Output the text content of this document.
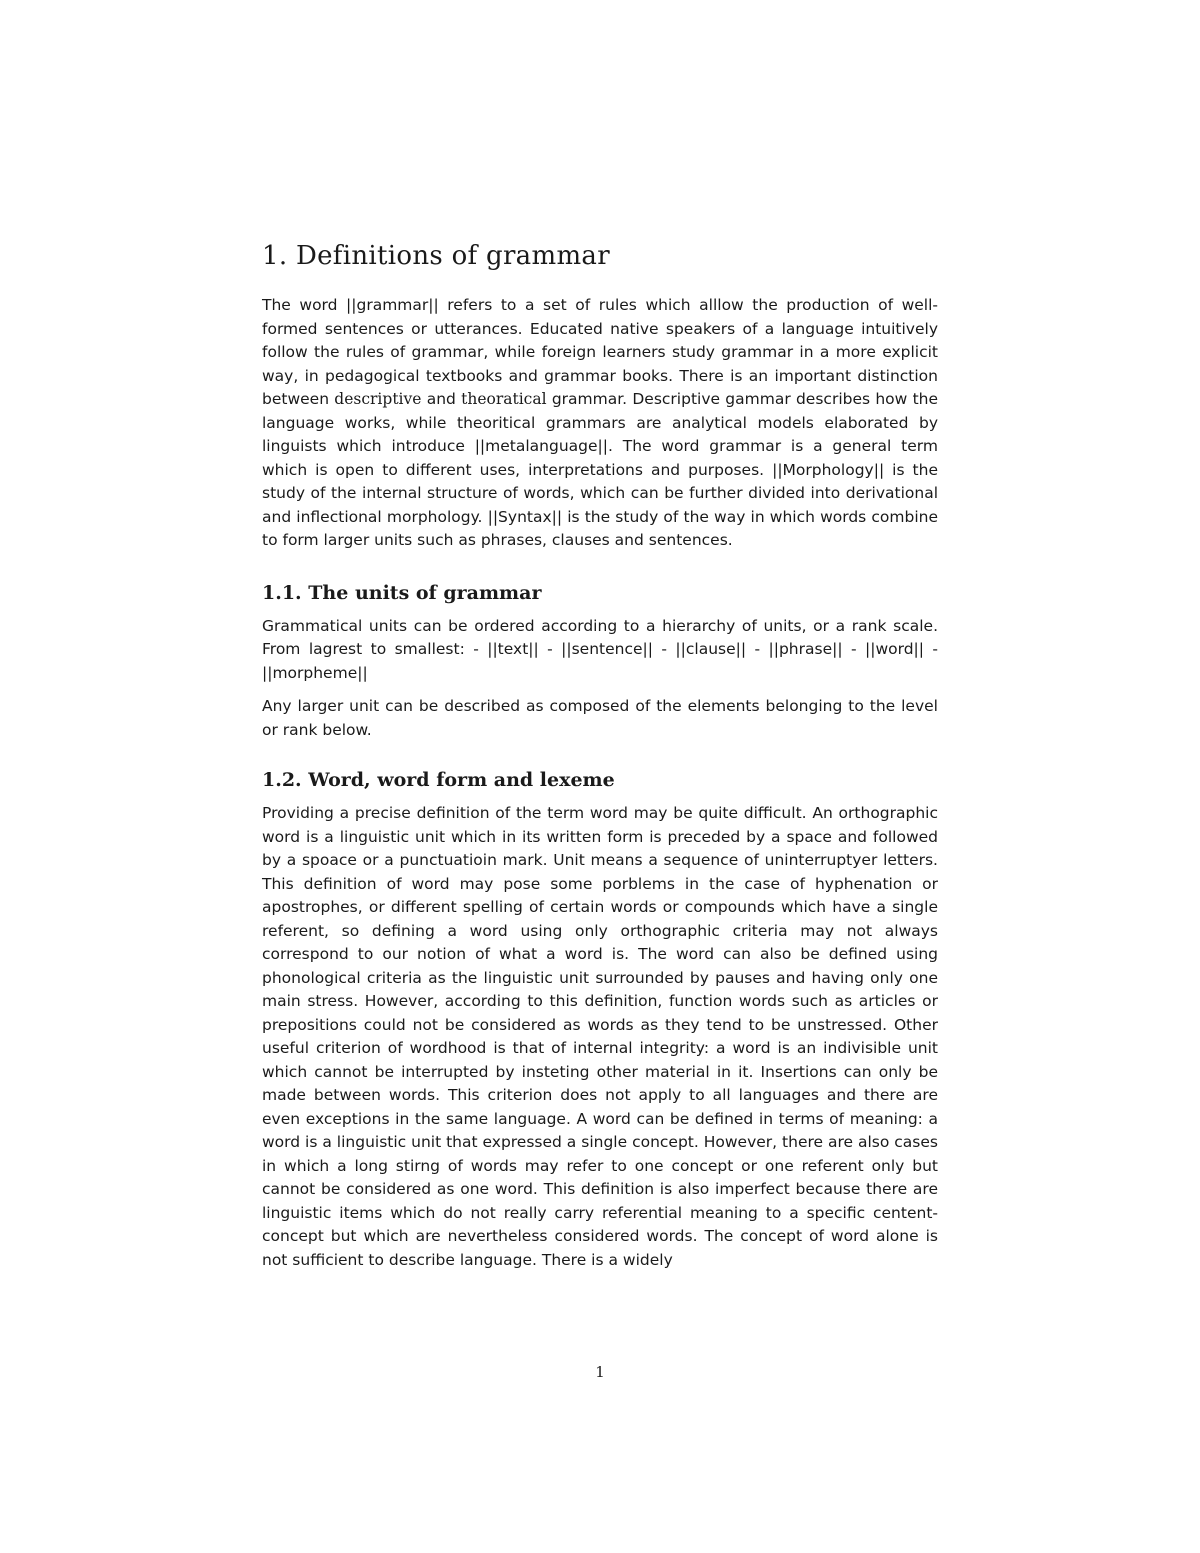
1. Definitions of grammar

The word ||grammar|| refers to a set of rules which alllow the production of well-formed sentences or utterances. Educated native speakers of a language intuitively follow the rules of grammar, while foreign learners study grammar in a more explicit way, in pedagogical textbooks and grammar books. There is an important distinction between descriptive and theoratical grammar. Descriptive gammar describes how the language works, while theoritical grammars are analytical models elaborated by linguists which introduce ||metalanguage||. The word grammar is a general term which is open to different uses, interpretations and purposes. ||Morphology|| is the study of the internal structure of words, which can be further divided into derivational and inflectional morphology. ||Syntax|| is the study of the way in which words combine to form larger units such as phrases, clauses and sentences.

1.1. The units of grammar

Grammatical units can be ordered according to a hierarchy of units, or a rank scale. From lagrest to smallest: - ||text|| - ||sentence|| - ||clause|| - ||phrase|| - ||word|| - ||morpheme||

Any larger unit can be described as composed of the elements belonging to the level or rank below.

1.2. Word, word form and lexeme

Providing a precise definition of the term word may be quite difficult. An orthographic word is a linguistic unit which in its written form is preceded by a space and followed by a spoace or a punctuatioin mark. Unit means a sequence of uninterruptyer letters. This definition of word may pose some porblems in the case of hyphenation or apostrophes, or different spelling of certain words or compounds which have a single referent, so defining a word using only orthographic criteria may not always correspond to our notion of what a word is. The word can also be defined using phonological criteria as the linguistic unit surrounded by pauses and having only one main stress. However, according to this definition, function words such as articles or prepositions could not be considered as words as they tend to be unstressed. Other useful criterion of wordhood is that of internal integrity: a word is an indivisible unit which cannot be interrupted by insteting other material in it. Insertions can only be made between words. This criterion does not apply to all languages and there are even exceptions in the same language. A word can be defined in terms of meaning: a word is a linguistic unit that expressed a single concept. However, there are also cases in which a long stirng of words may refer to one concept or one referent only but cannot be considered as one word. This definition is also imperfect because there are linguistic items which do not really carry referential meaning to a specific centent-concept but which are nevertheless considered words. The concept of word alone is not sufficient to describe language. There is a widely

1
